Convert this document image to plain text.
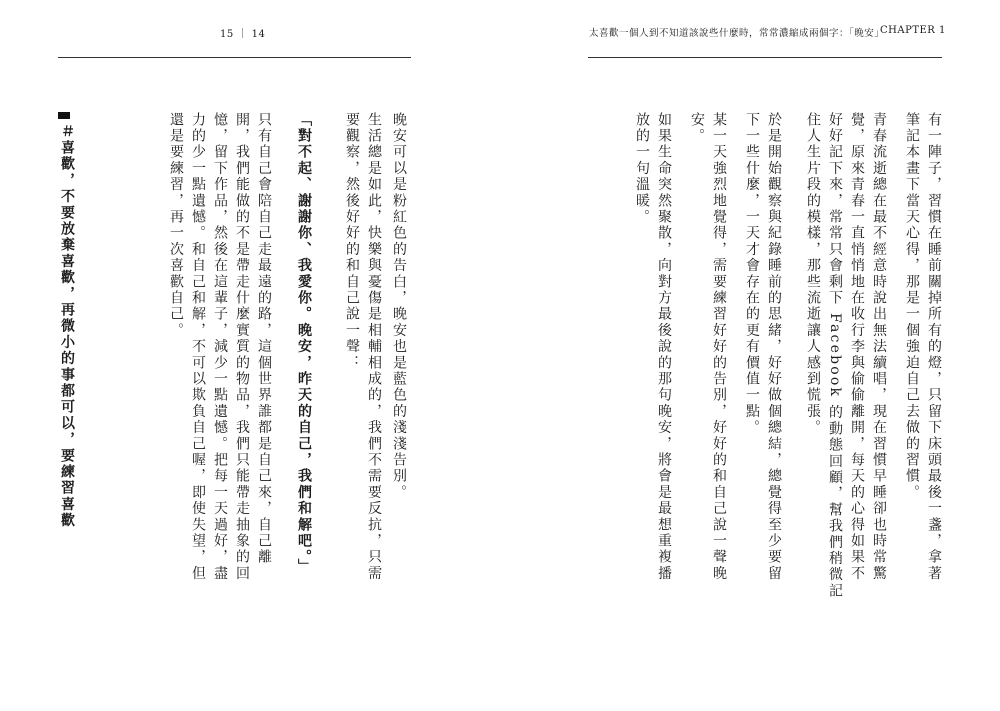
15 ｜ 14
晚安可以是粉紅色的告白，晚安也是藍色的淺淺告別。
生活總是如此，快樂與憂傷是相輔相成的，我們不需要反抗，只需
要觀察，然後好好的和自己說一聲：
「對不起、謝謝你、我愛你。晚安，昨天的自己，我們和解吧。」
只有自己會陪自己走最遠的路，這個世界誰都是自己來，自己離
開，我們能做的不是帶走什麼實質的物品，我們只能帶走抽象的回
憶，留下作品，然後在這輩子，減少一點遺憾。把每一天過好，盡
力的少一點遺憾。和自己和解，不可以欺負自己喔，即使失望，但
還是要練習，再一次喜歡自己。
＃喜歡，不要放棄喜歡，再微小的事都可以，要練習喜歡
太喜歡一個人到不知道該說些什麼時，常常濃縮成兩個字：「晚安」
CHAPTER 1
有一陣子，習慣在睡前關掉所有的燈，只留下床頭最後一盞，拿著
筆記本畫下當天心得，那是一個強迫自己去做的習慣。
青春流逝總在最不經意時說出無法續唱，現在習慣早睡卻也時常驚
覺，原來青春一直悄悄地在收行李與偷偷離開，每天的心得如果不
好好記下來，常常只會剩下 Facebook 的動態回顧，幫我們稍微記
住人生片段的模樣，那些流逝讓人感到慌張。
於是開始觀察與紀錄睡前的思緒，好好做個總結，總覺得至少要留
下一些什麼，一天才會存在的更有價值一點。
某一天強烈地覺得，需要練習好好的告別，好好的和自己說一聲晚
安。
如果生命突然聚散，向對方最後說的那句晚安，將會是最想重複播
放的一句溫暖。
